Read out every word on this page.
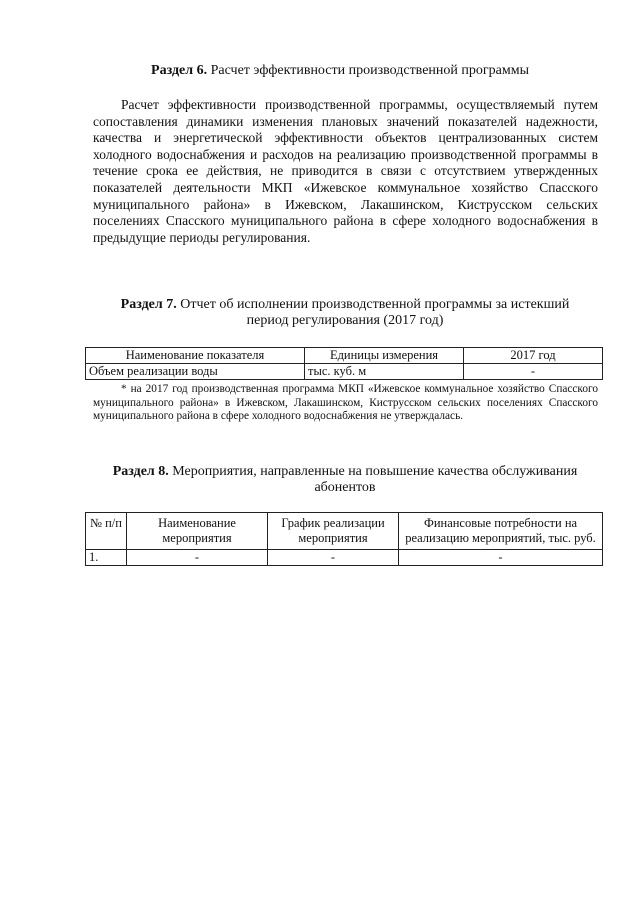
Раздел 6. Расчет эффективности производственной программы
Расчет эффективности производственной программы, осуществляемый путем сопоставления динамики изменения плановых значений показателей надежности, качества и энергетической эффективности объектов централизованных систем холодного водоснабжения и расходов на реализацию производственной программы в течение срока ее действия, не приводится в связи с отсутствием утвержденных показателей деятельности МКП «Ижевское коммунальное хозяйство Спасского муниципального района» в Ижевском, Лакашинском, Киструсском сельских поселениях Спасского муниципального района в сфере холодного водоснабжения в предыдущие периоды регулирования.
Раздел 7. Отчет об исполнении производственной программы за истекший период регулирования (2017 год)
Наименование показателя	Единицы измерения	2017 год
Объем реализации воды	тыс. куб. м	-
* на 2017 год производственная программа МКП «Ижевское коммунальное хозяйство Спасского муниципального района» в Ижевском, Лакашинском, Киструсском сельских поселениях Спасского муниципального района в сфере холодного водоснабжения не утверждалась.
Раздел 8. Мероприятия, направленные на повышение качества обслуживания абонентов
№ п/п	Наименование мероприятия	График реализации мероприятия	Финансовые потребности на реализацию мероприятий, тыс. руб.
1.	-	-	-
